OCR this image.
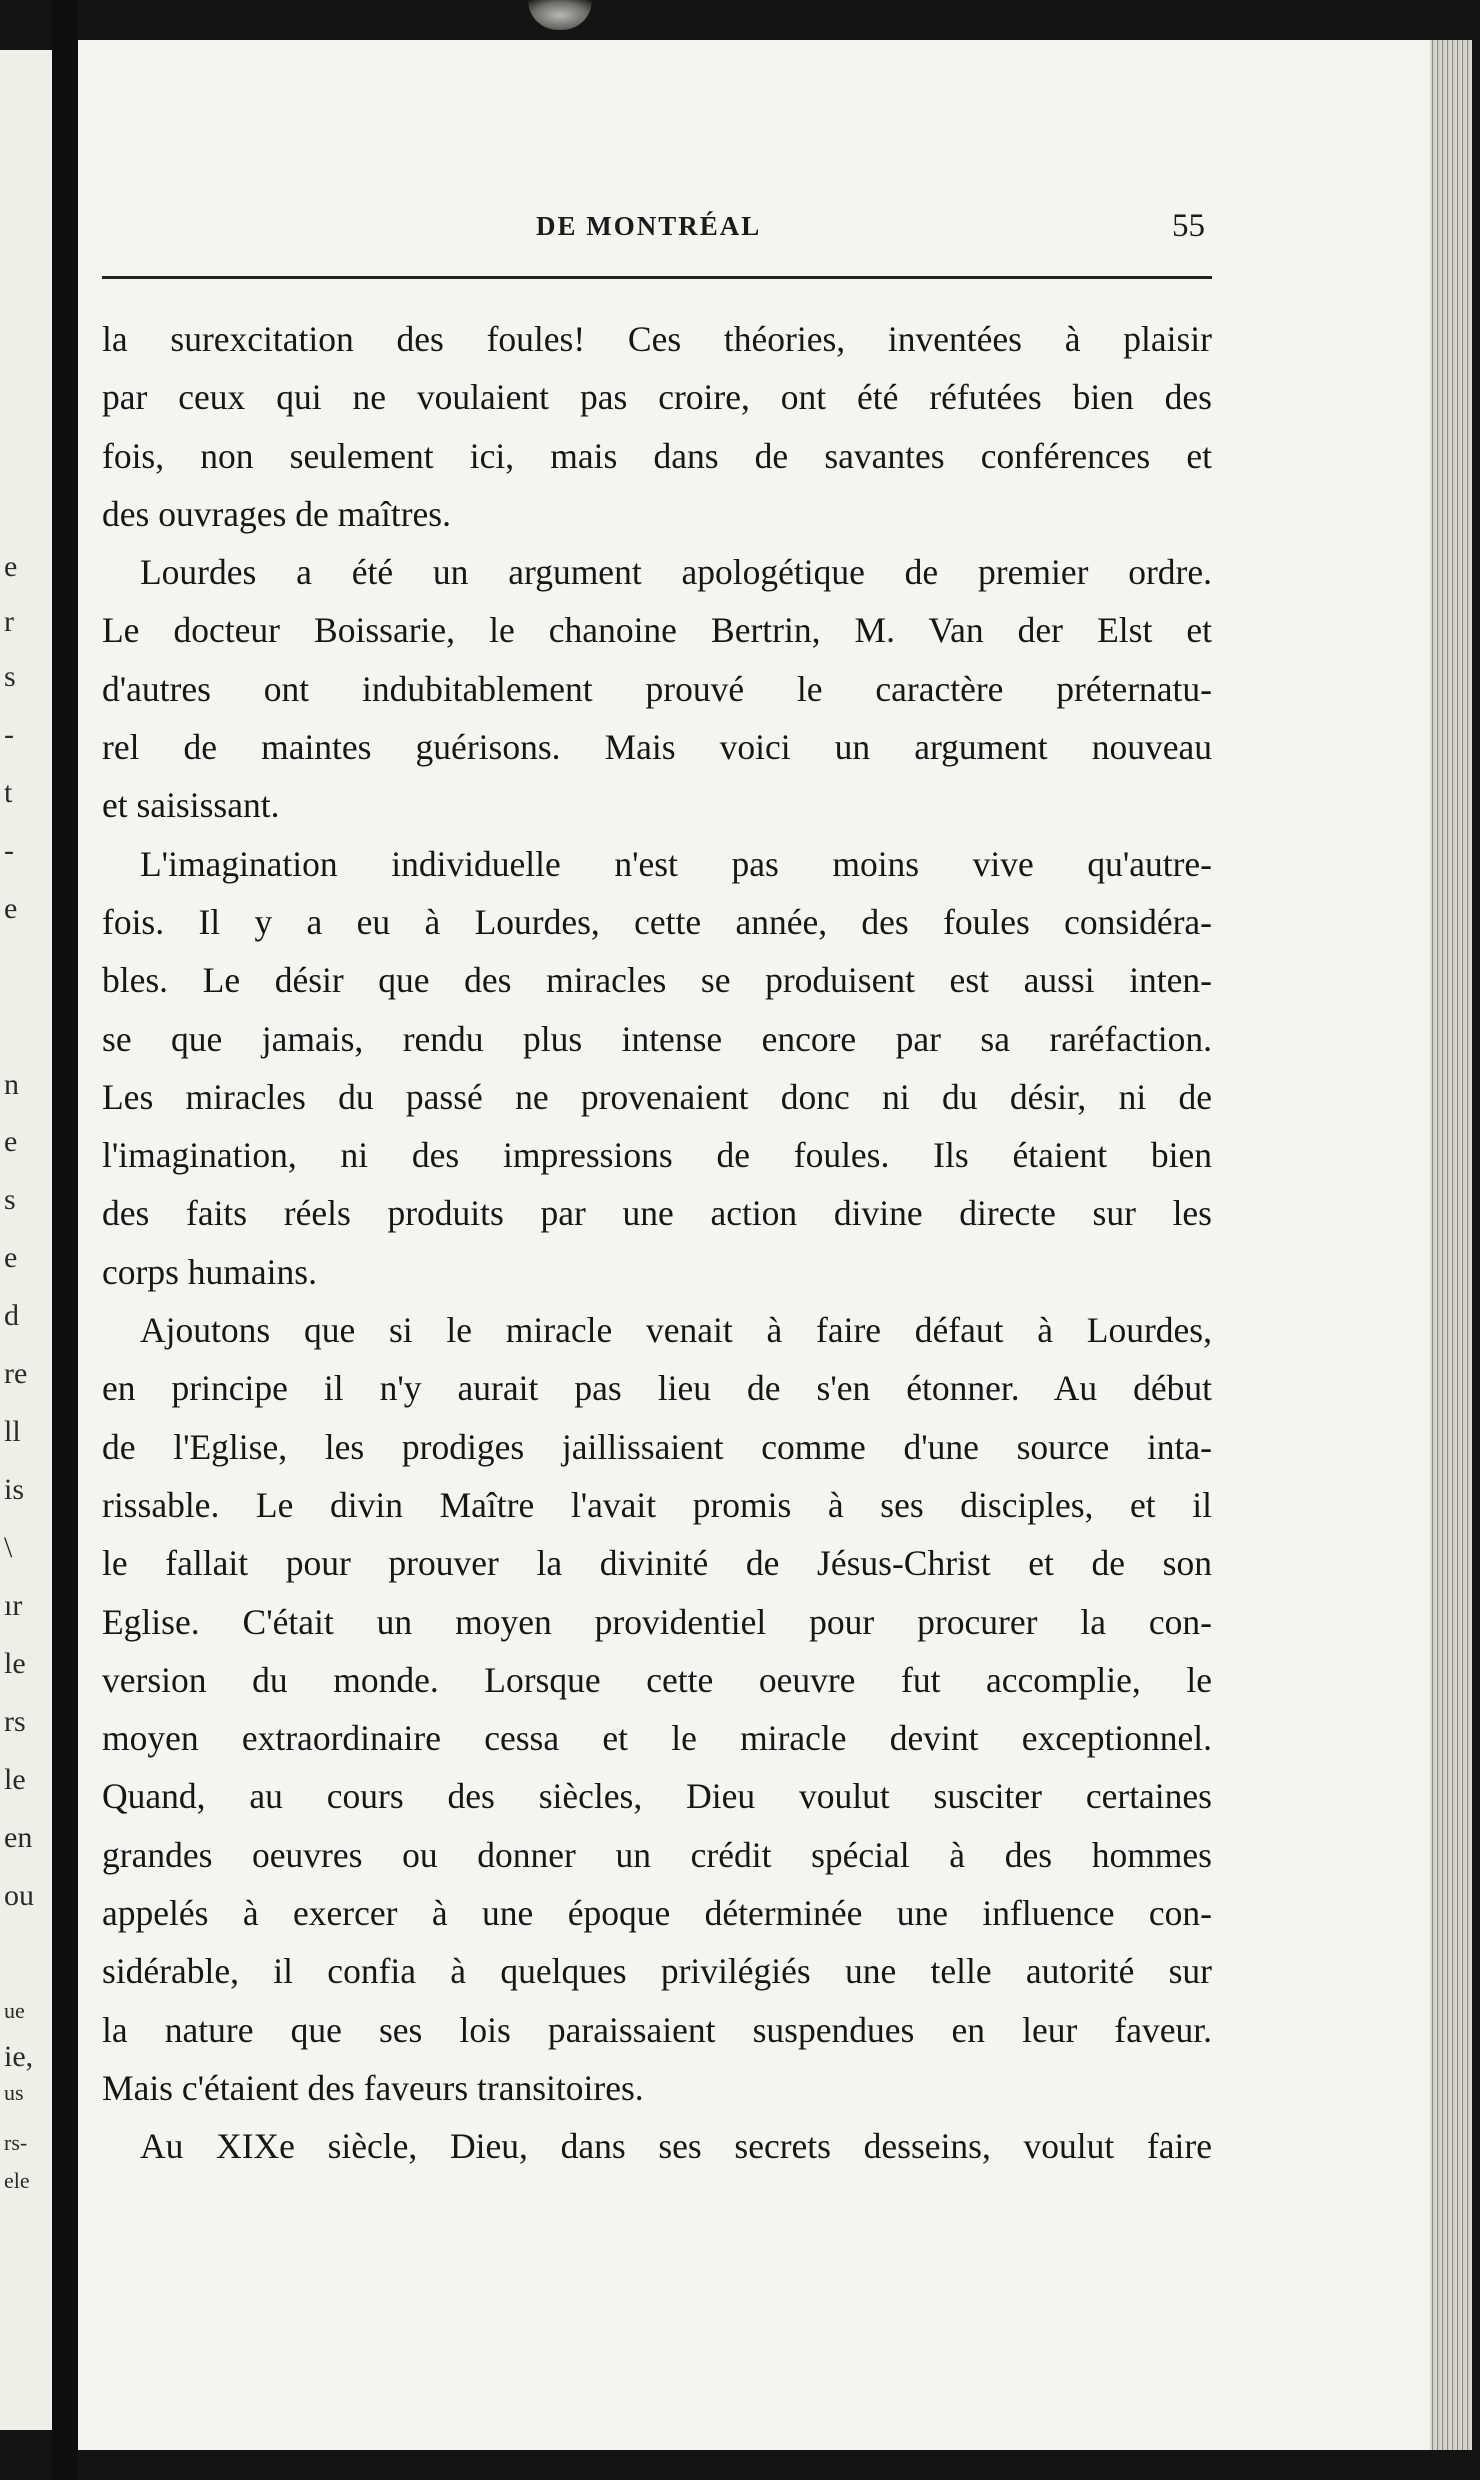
e
r
s
-
t
-
e
n
e
s
e
d
re
ll
is
\
ır
le
rs
le
en
ou
ue
ie,
us
rs-
ele
DE MONTRÉAL	55
la surexcitation des foules! Ces théories, inventées à plaisir
par ceux qui ne voulaient pas croire, ont été réfutées bien des
fois, non seulement ici, mais dans de savantes conférences et
des ouvrages de maîtres.
Lourdes a été un argument apologétique de premier ordre.
Le docteur Boissarie, le chanoine Bertrin, M. Van der Elst et
d'autres ont indubitablement prouvé le caractère préternatu-
rel de maintes guérisons. Mais voici un argument nouveau
et saisissant.
L'imagination individuelle n'est pas moins vive qu'autre-
fois. Il y a eu à Lourdes, cette année, des foules considéra-
bles. Le désir que des miracles se produisent est aussi inten-
se que jamais, rendu plus intense encore par sa raréfaction.
Les miracles du passé ne provenaient donc ni du désir, ni de
l'imagination, ni des impressions de foules. Ils étaient bien
des faits réels produits par une action divine directe sur les
corps humains.
Ajoutons que si le miracle venait à faire défaut à Lourdes,
en principe il n'y aurait pas lieu de s'en étonner. Au début
de l'Eglise, les prodiges jaillissaient comme d'une source inta-
rissable. Le divin Maître l'avait promis à ses disciples, et il
le fallait pour prouver la divinité de Jésus-Christ et de son
Eglise. C'était un moyen providentiel pour procurer la con-
version du monde. Lorsque cette oeuvre fut accomplie, le
moyen extraordinaire cessa et le miracle devint exceptionnel.
Quand, au cours des siècles, Dieu voulut susciter certaines
grandes oeuvres ou donner un crédit spécial à des hommes
appelés à exercer à une époque déterminée une influence con-
sidérable, il confia à quelques privilégiés une telle autorité sur
la nature que ses lois paraissaient suspendues en leur faveur.
Mais c'étaient des faveurs transitoires.
Au XIXe siècle, Dieu, dans ses secrets desseins, voulut faire
